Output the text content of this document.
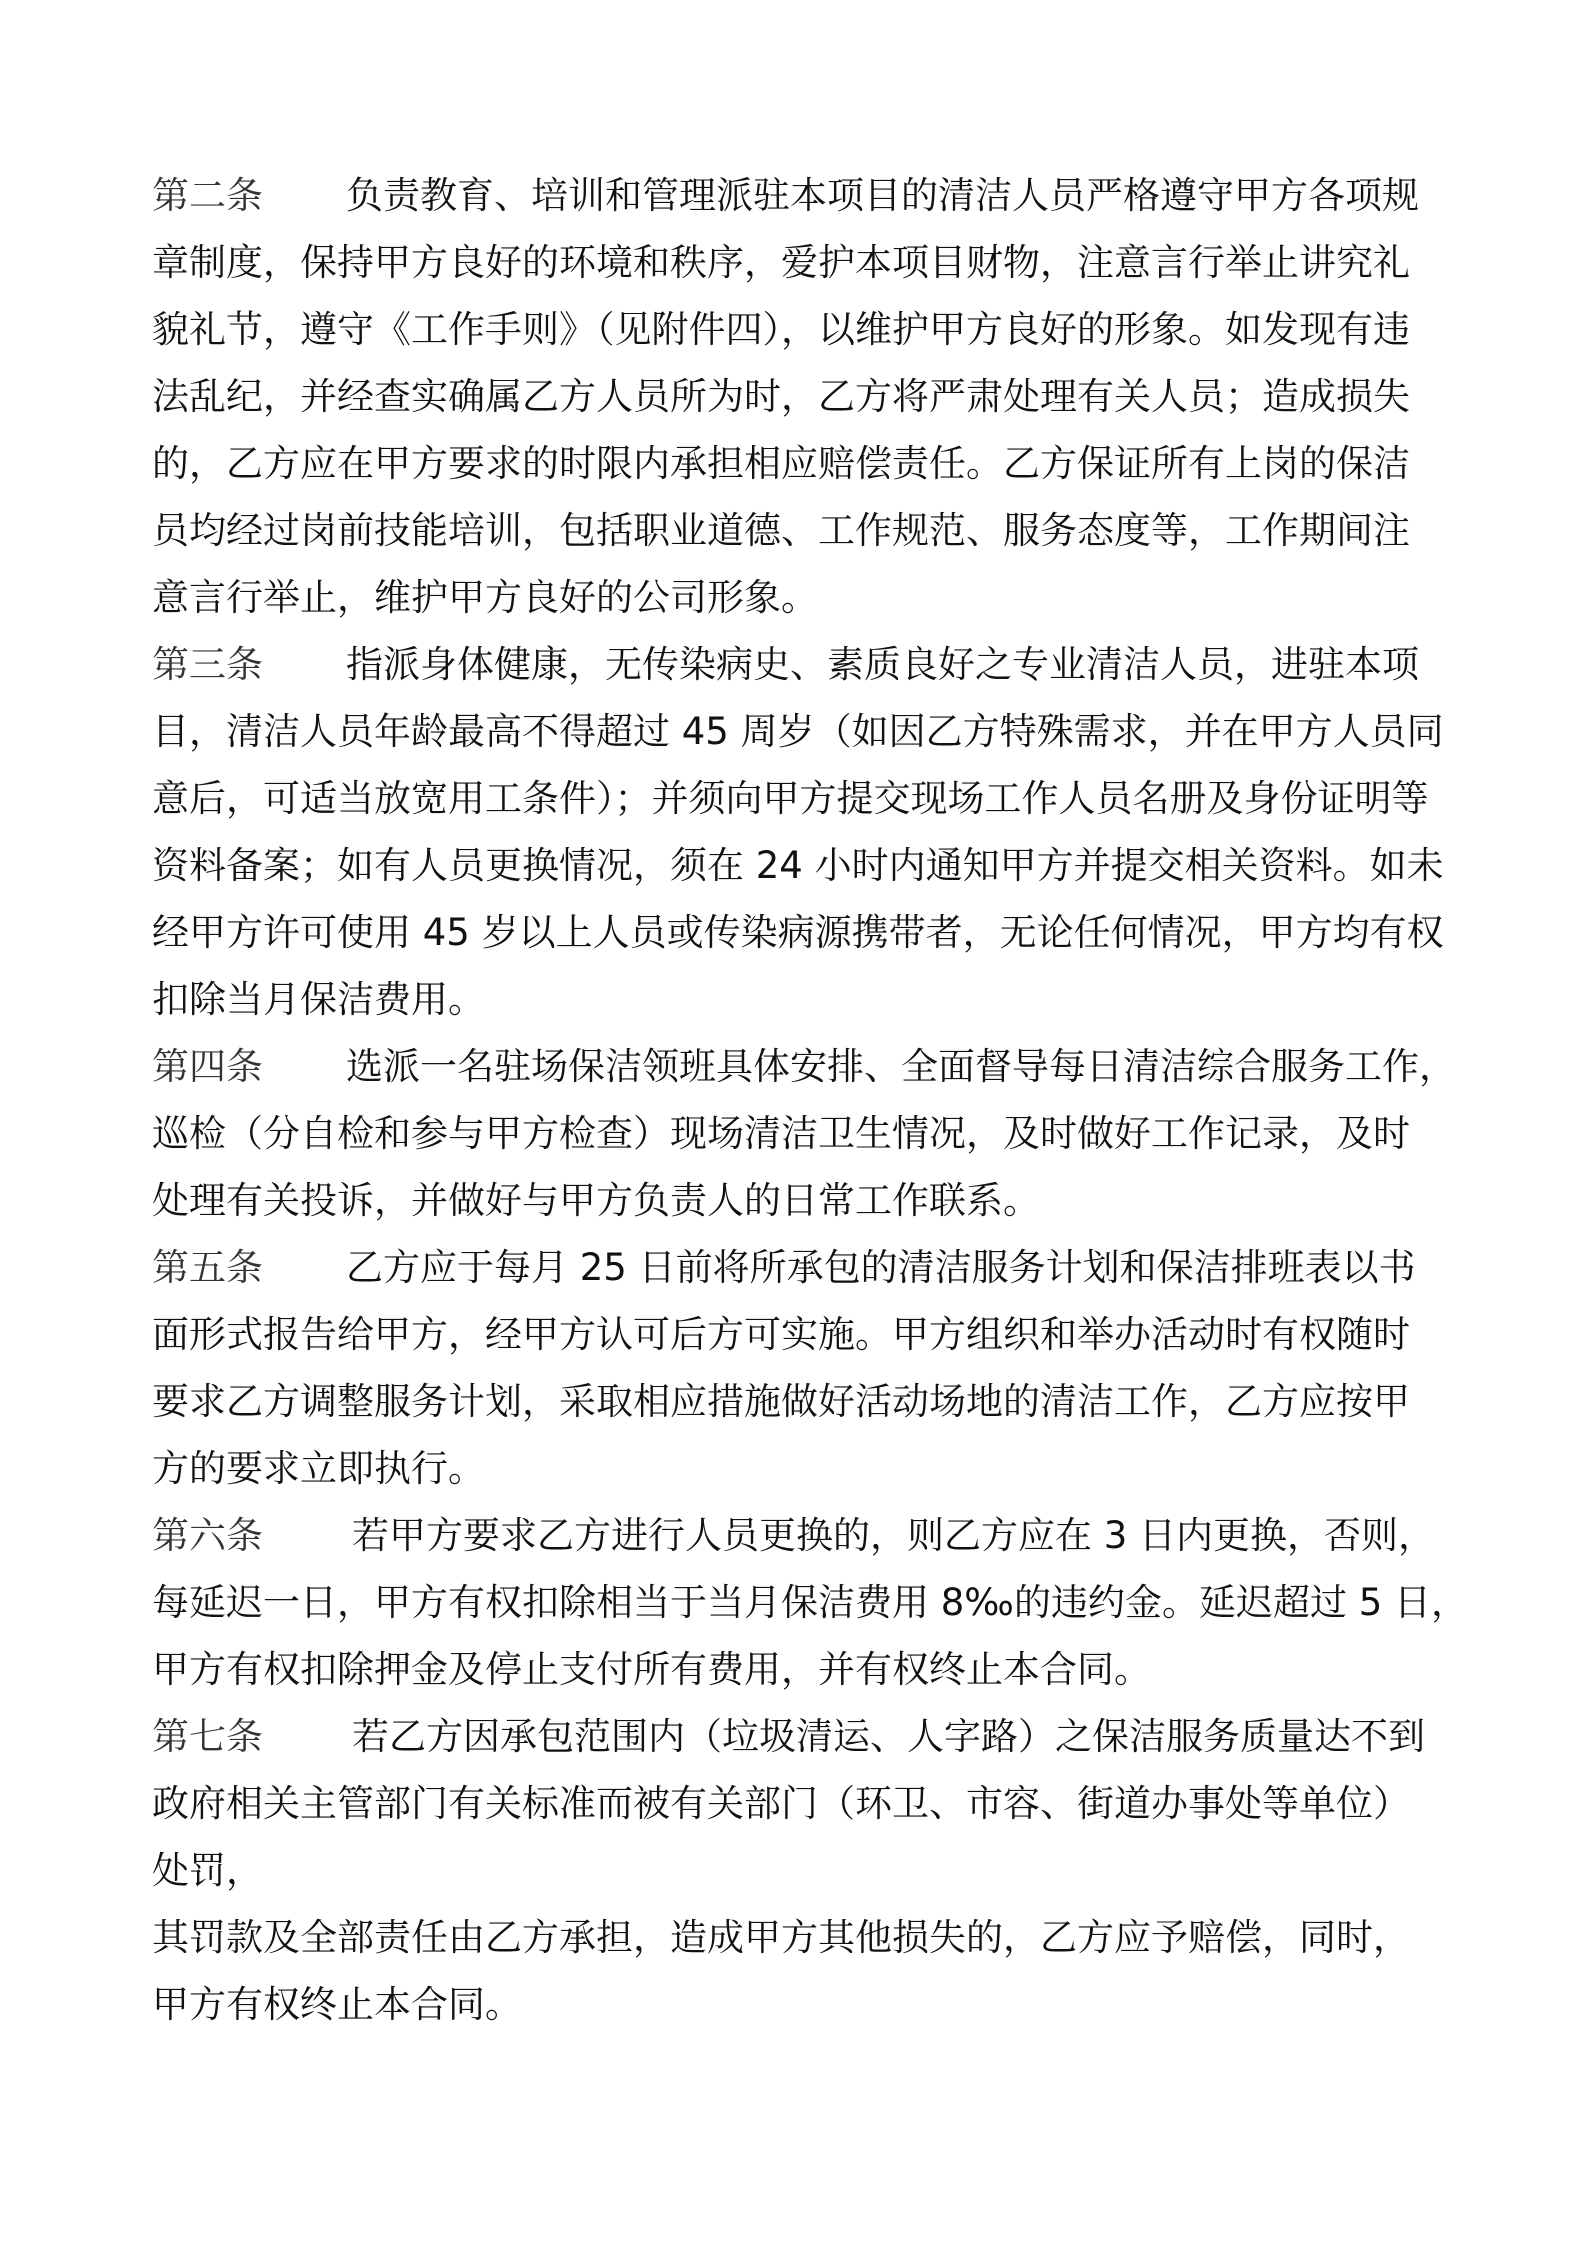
第二条 负责教育、培训和管理派驻本项目的清洁人员严格遵守甲方各项规
章制度，保持甲方良好的环境和秩序，爱护本项目财物，注意言行举止讲究礼
貌礼节，遵守《工作手则》（见附件四），以维护甲方良好的形象。如发现有违
法乱纪，并经查实确属乙方人员所为时，乙方将严肃处理有关人员；造成损失
的，乙方应在甲方要求的时限内承担相应赔偿责任。乙方保证所有上岗的保洁
员均经过岗前技能培训，包括职业道德、工作规范、服务态度等，工作期间注
意言行举止，维护甲方良好的公司形象。
第三条 指派身体健康，无传染病史、素质良好之专业清洁人员，进驻本项
目，清洁人员年龄最高不得超过 45 周岁（如因乙方特殊需求，并在甲方人员同
意后，可适当放宽用工条件）；并须向甲方提交现场工作人员名册及身份证明等
资料备案；如有人员更换情况，须在 24 小时内通知甲方并提交相关资料。如未
经甲方许可使用 45 岁以上人员或传染病源携带者，无论任何情况，甲方均有权
扣除当月保洁费用。
第四条 选派一名驻场保洁领班具体安排、全面督导每日清洁综合服务工作，
巡检（分自检和参与甲方检查）现场清洁卫生情况，及时做好工作记录，及时
处理有关投诉，并做好与甲方负责人的日常工作联系。
第五条 乙方应于每月 25 日前将所承包的清洁服务计划和保洁排班表以书
面形式报告给甲方，经甲方认可后方可实施。甲方组织和举办活动时有权随时
要求乙方调整服务计划，采取相应措施做好活动场地的清洁工作，乙方应按甲
方的要求立即执行。
第六条 若甲方要求乙方进行人员更换的，则乙方应在 3 日内更换，否则，
每延迟一日，甲方有权扣除相当于当月保洁费用 8‰的违约金。延迟超过 5 日，
甲方有权扣除押金及停止支付所有费用，并有权终止本合同。
第七条 若乙方因承包范围内（垃圾清运、人字路）之保洁服务质量达不到
政府相关主管部门有关标准而被有关部门（环卫、市容、街道办事处等单位）
处罚，
其罚款及全部责任由乙方承担，造成甲方其他损失的，乙方应予赔偿，同时，
甲方有权终止本合同。
